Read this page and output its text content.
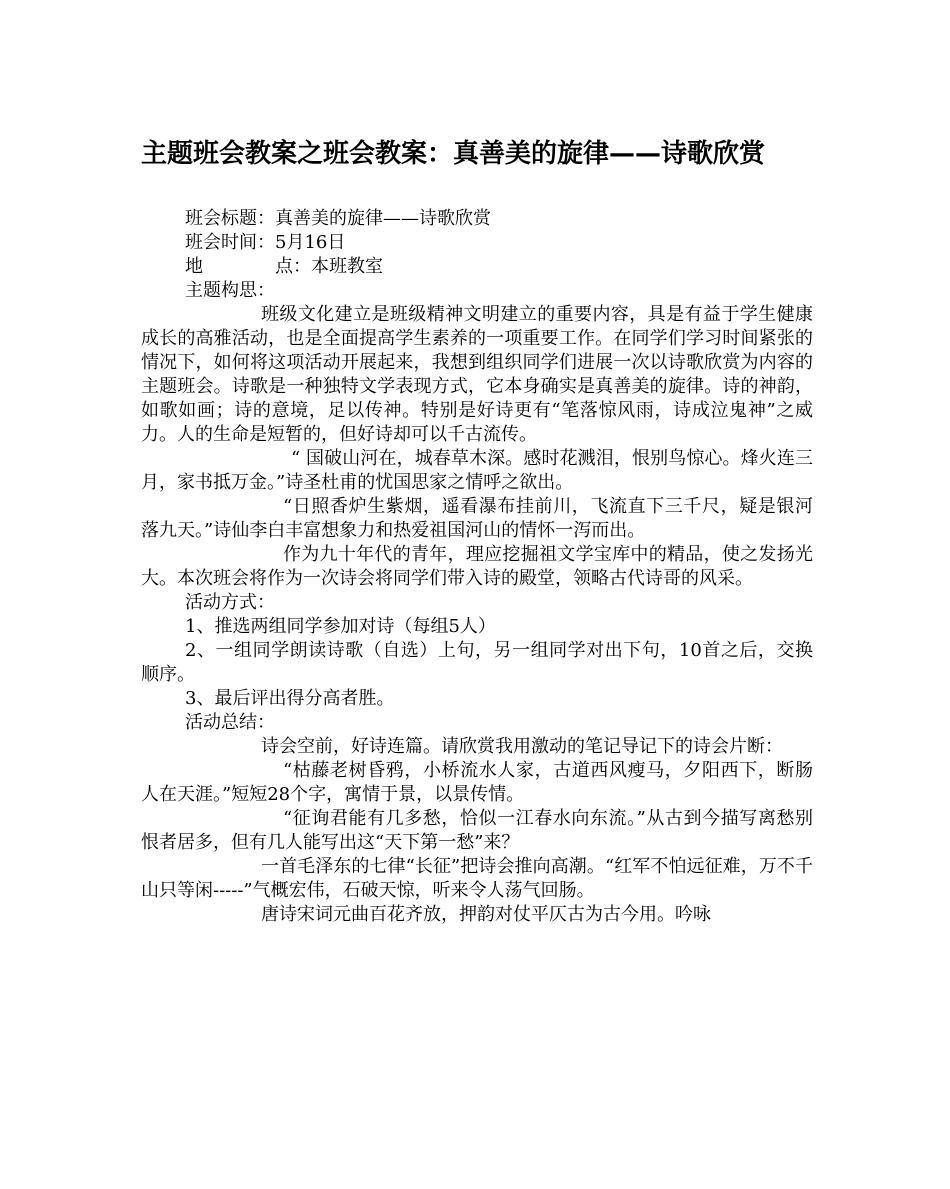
主题班会教案之班会教案：真善美的旋律——诗歌欣赏

班会标题：真善美的旋律——诗歌欣赏

班会时间：5月16日

地　　　　点：本班教室

主题构思：

班级文化建立是班级精神文明建立的重要内容，具是有益于学生健康成长的高雅活动，也是全面提高学生素养的一项重要工作。在同学们学习时间紧张的情况下，如何将这项活动开展起来，我想到组织同学们进展一次以诗歌欣赏为内容的主题班会。诗歌是一种独特文学表现方式，它本身确实是真善美的旋律。诗的神韵，如歌如画；诗的意境，足以传神。特别是好诗更有“笔落惊风雨，诗成泣鬼神”之威力。人的生命是短暂的，但好诗却可以千古流传。

“ 国破山河在，城春草木深。感时花溅泪，恨别鸟惊心。烽火连三月，家书抵万金。”诗圣杜甫的忧国思家之情呼之欲出。

“日照香炉生紫烟，遥看瀑布挂前川，飞流直下三千尺，疑是银河落九天。”诗仙李白丰富想象力和热爱祖国河山的情怀一泻而出。

作为九十年代的青年，理应挖掘祖文学宝库中的精品，使之发扬光大。本次班会将作为一次诗会将同学们带入诗的殿堂，领略古代诗哥的风采。

活动方式：

1、推选两组同学参加对诗（每组5人）

2、一组同学朗读诗歌（自选）上句，另一组同学对出下句，10首之后，交换顺序。

3、最后评出得分高者胜。

活动总结：

诗会空前，好诗连篇。请欣赏我用激动的笔记导记下的诗会片断：

“枯藤老树昏鸦，小桥流水人家，古道西风瘦马，夕阳西下，断肠人在天涯。”短短28个字，寓情于景，以景传情。

“征询君能有几多愁，恰似一江春水向东流。”从古到今描写离愁别恨者居多，但有几人能写出这“天下第一愁”来？

一首毛泽东的七律“长征”把诗会推向高潮。“红军不怕远征难，万不千山只等闲-----”气概宏伟，石破天惊，听来令人荡气回肠。

唐诗宋词元曲百花齐放，押韵对仗平仄古为古今用。吟咏
